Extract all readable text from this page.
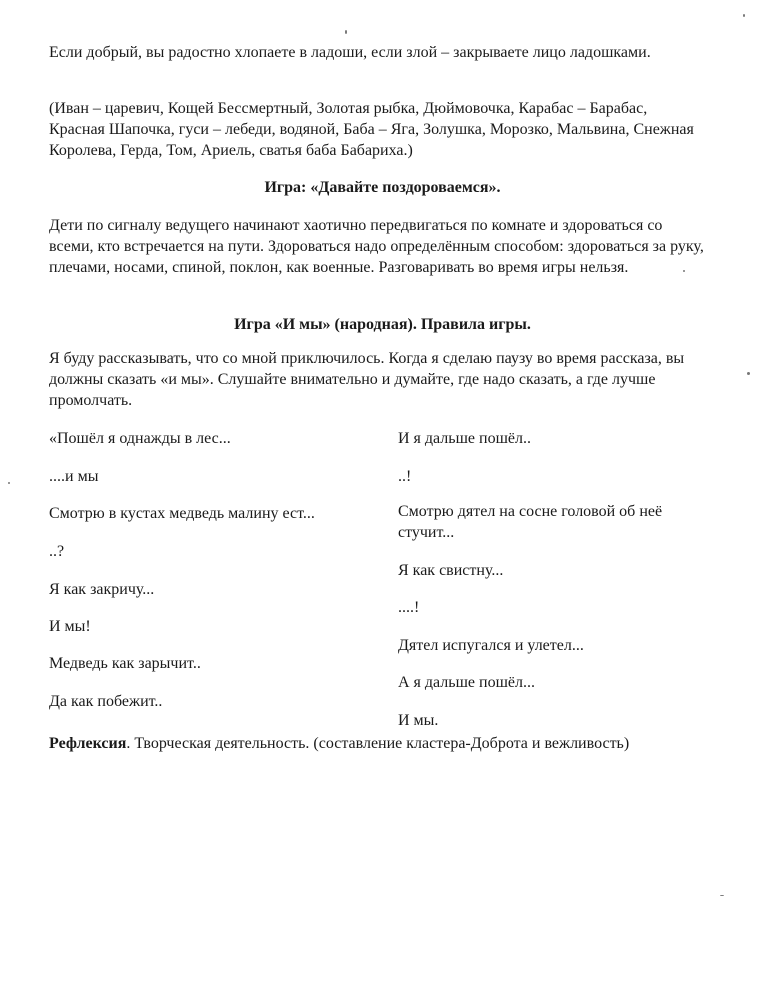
Если добрый, вы радостно хлопаете в ладоши, если злой – закрываете лицо ладошками.

(Иван – царевич, Кощей Бессмертный, Золотая рыбка, Дюймовочка, Карабас – Барабас, Красная Шапочка, гуси – лебеди, водяной, Баба – Яга, Золушка, Морозко, Мальвина, Снежная Королева, Герда, Том, Ариель, сватья баба Бабариха.)

Игра: «Давайте поздороваемся».

Дети по сигналу ведущего начинают хаотично передвигаться по комнате и здороваться со всеми, кто встречается на пути. Здороваться надо определённым способом: здороваться за руку, плечами, носами, спиной, поклон, как военные. Разговаривать во время игры нельзя.

Игра «И мы» (народная). Правила игры.

Я буду рассказывать, что со мной приключилось. Когда я сделаю паузу во время рассказа, вы должны сказать «и мы». Слушайте внимательно и думайте, где надо сказать, а где лучше промолчать.

«Пошёл я однажды в лес...

....и мы

Смотрю в кустах медведь малину ест...

..?

Я как закричу...

И мы!

Медведь как зарычит..

Да как побежит..

И я дальше пошёл..

..!

Смотрю дятел на сосне головой об неё стучит...

Я как свистну...

....!

Дятел испугался и улетел...

А я дальше пошёл...

И мы.

Рефлексия. Творческая деятельность. (составление кластера-Доброта и вежливость)
